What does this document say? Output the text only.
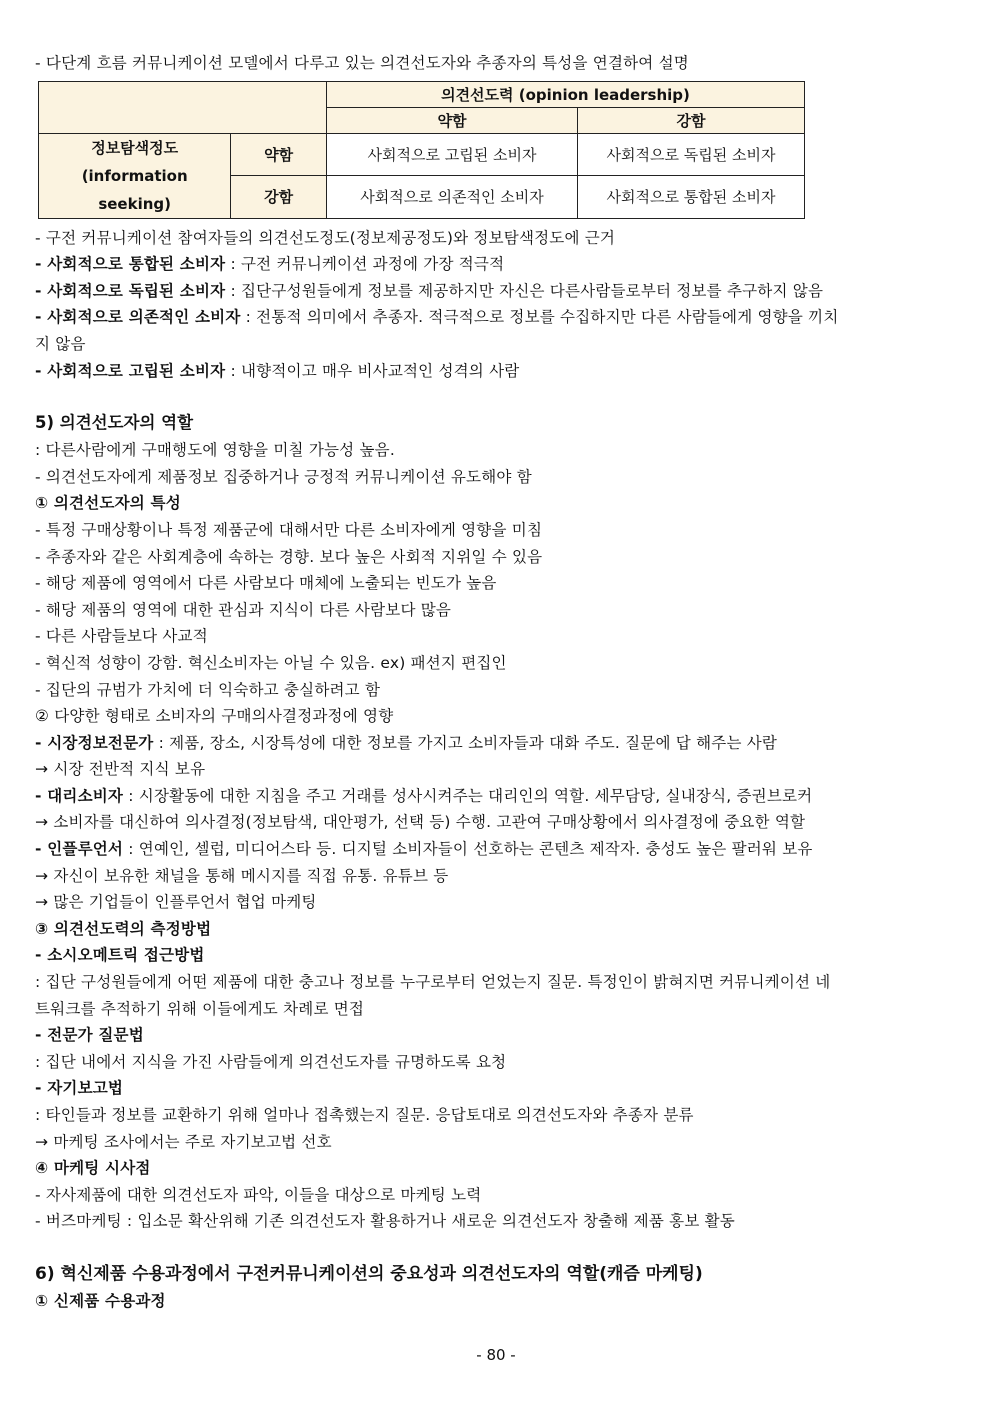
- 다단계 흐름 커뮤니케이션 모델에서 다루고 있는 의견선도자와 추종자의 특성을 연결하여 설명
		의견선도력 (opinion leadership)	
		약함	강함

정보탐색정도
(information seeking)	약함	사회적으로 고립된 소비자	사회적으로 독립된 소비자
	강함	사회적으로 의존적인 소비자	사회적으로 통합된 소비자
- 구전 커뮤니케이션 참여자들의 의견선도정도(정보제공정도)와 정보탐색정도에 근거
- 사회적으로 통합된 소비자 : 구전 커뮤니케이션 과정에 가장 적극적
- 사회적으로 독립된 소비자 : 집단구성원들에게 정보를 제공하지만 자신은 다른사람들로부터 정보를 추구하지 않음
- 사회적으로 의존적인 소비자 : 전통적 의미에서 추종자. 적극적으로 정보를 수집하지만 다른 사람들에게 영향을 끼치
지 않음
- 사회적으로 고립된 소비자 : 내향적이고 매우 비사교적인 성격의 사람
5) 의견선도자의 역할
: 다른사람에게 구매행도에 영향을 미칠 가능성 높음.
- 의견선도자에게 제품정보 집중하거나 긍정적 커뮤니케이션 유도해야 함
① 의견선도자의 특성
- 특정 구매상황이나 특정 제품군에 대해서만 다른 소비자에게 영향을 미침
- 추종자와 같은 사회계층에 속하는 경향. 보다 높은 사회적 지위일 수 있음
- 해당 제품에 영역에서 다른 사람보다 매체에 노출되는 빈도가 높음
- 해당 제품의 영역에 대한 관심과 지식이 다른 사람보다 많음
- 다른 사람들보다 사교적
- 혁신적 성향이 강함. 혁신소비자는 아닐 수 있음. ex) 패션지 편집인
- 집단의 규범가 가치에 더 익숙하고 충실하려고 함
② 다양한 형태로 소비자의 구매의사결정과정에 영향
- 시장정보전문가 : 제품, 장소, 시장특성에 대한 정보를 가지고 소비자들과 대화 주도. 질문에 답 해주는 사람
→ 시장 전반적 지식 보유
- 대리소비자 : 시장활동에 대한 지침을 주고 거래를 성사시켜주는 대리인의 역할. 세무담당, 실내장식, 증권브로커
→ 소비자를 대신하여 의사결정(정보탐색, 대안평가, 선택 등) 수행. 고관여 구매상황에서 의사결정에 중요한 역할
- 인플루언서 : 연예인, 셀럽, 미디어스타 등. 디지털 소비자들이 선호하는 콘텐츠 제작자. 충성도 높은 팔러워 보유
→ 자신이 보유한 채널을 통해 메시지를 직접 유통. 유튜브 등
→ 많은 기업들이 인플루언서 협업 마케팅
③ 의견선도력의 측정방법
- 소시오메트릭 접근방법
: 집단 구성원들에게 어떤 제품에 대한 충고나 정보를 누구로부터 얻었는지 질문. 특정인이 밝혀지면 커뮤니케이션 네
트워크를 추적하기 위해 이들에게도 차례로 면접
- 전문가 질문법
: 집단 내에서 지식을 가진 사람들에게 의견선도자를 규명하도록 요청
- 자기보고법
: 타인들과 정보를 교환하기 위해 얼마나 접촉했는지 질문. 응답토대로 의견선도자와 추종자 분류
→ 마케팅 조사에서는 주로 자기보고법 선호
④ 마케팅 시사점
- 자사제품에 대한 의견선도자 파악, 이들을 대상으로 마케팅 노력
- 버즈마케팅 : 입소문 확산위해 기존 의견선도자 활용하거나 새로운 의견선도자 창출해 제품 홍보 활동
6) 혁신제품 수용과정에서 구전커뮤니케이션의 중요성과 의견선도자의 역할(캐즘 마케팅)
① 신제품 수용과정
- 80 -
